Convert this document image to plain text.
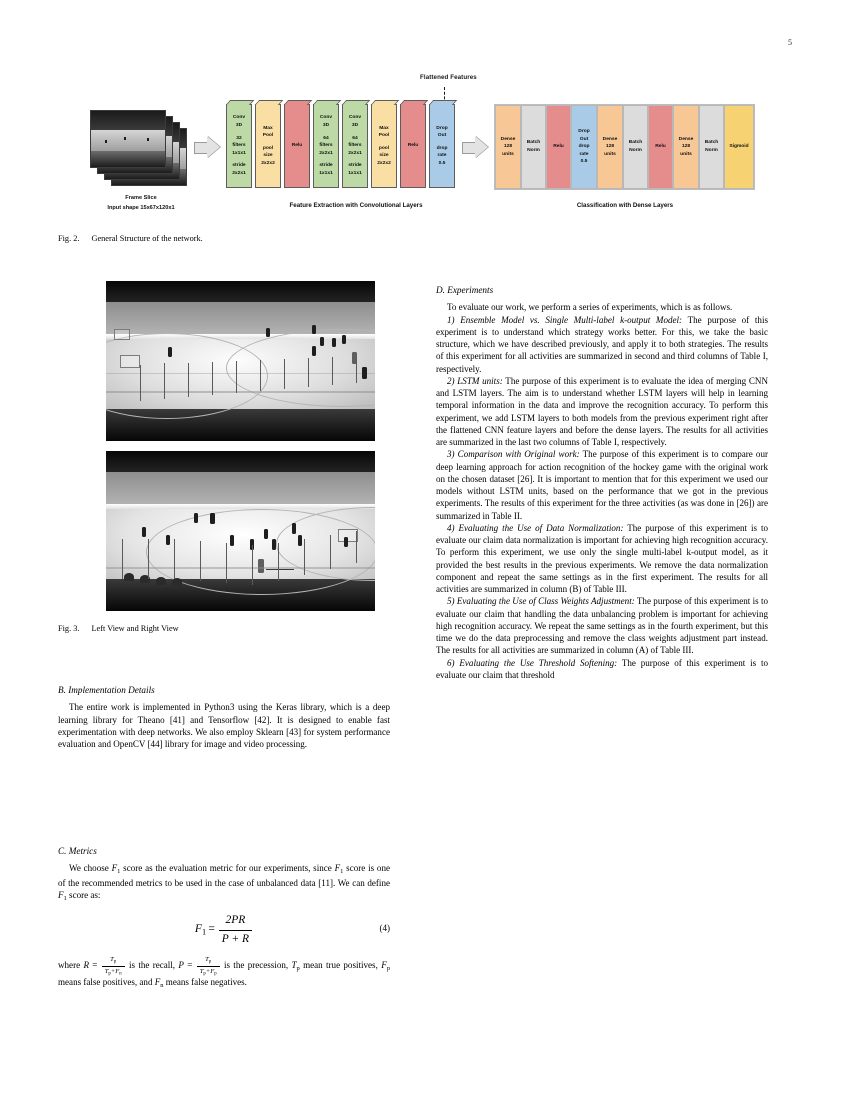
5
Flattened Features
Frame Slice
Input shape 15x67x120x1
Conv
3D
32
filters
1x1x1
stride
2x2x1
Max
Pool
pool
size
2x2x2
Relu
Conv
3D
64
filters
2x2x1
stride
1x1x1
Conv
3D
64
filters
2x2x1
stride
1x1x1
Max
Pool
pool
size
2x2x2
Relu
Drop
Out
drop
rate
0.5
Feature Extraction with Convolutional Layers
Dense
128
units
Batch
Norm
Relu
Drop
Out
drop
rate
0.5
Dense
128
units
Batch
Norm
Relu
Dense
128
units
Batch
Norm
Sigmoid
Classification with Dense Layers
Fig. 2. General Structure of the network.
Fig. 3. Left View and Right View
B. Implementation Details

The entire work is implemented in Python3 using the Keras library, which is a deep learning library for Theano [41] and Tensorflow [42]. It is designed to enable fast experimentation with deep networks. We also employ Sklearn [43] for system performance evaluation and OpenCV [44] library for image and video processing.

C. Metrics

We choose $F_1$ score as the evaluation metric for our experiments, since $F_1$ score is one of the recommended metrics to be used in the case of unbalanced data [11]. We can define $F_1$ score as:

$F_1 = \frac{2PR}{P + R}$	(4)

where $R = \frac{T_p}{T_p+F_n}$ is the recall, $P = \frac{T_p}{T_p+F_p}$ is the precession, $T_p$ mean true positives, $F_p$ means false positives, and $F_n$ means false negatives.

D. Experiments

To evaluate our work, we perform a series of experiments, which is as follows.

1) Ensemble Model vs. Single Multi-label k-output Model: The purpose of this experiment is to understand which strategy works better. For this, we take the basic structure, which we have described previously, and apply it to both strategies. The results of this experiment for all activities are summarized in second and third columns of Table I, respectively.

2) LSTM units: The purpose of this experiment is to evaluate the idea of merging CNN and LSTM layers. The aim is to understand whether LSTM layers will help in learning temporal information in the data and improve the recognition accuracy. To perform this experiment, we add LSTM layers to both models from the previous experiment right after the flattened CNN feature layers and before the dense layers. The results for all activities are summarized in the last two columns of Table I, respectively.

3) Comparison with Original work: The purpose of this experiment is to compare our deep learning approach for action recognition of the hockey game with the original work on the chosen dataset [26]. It is important to mention that for this experiment we used our models without LSTM units, based on the performance that we got in the previous experiments. The results of this experiment for the three activities (as was done in [26]) are summarized in Table II.

4) Evaluating the Use of Data Normalization: The purpose of this experiment is to evaluate our claim data normalization is important for achieving high recognition accuracy. To perform this experiment, we use only the single multi-label k-output model, as it provided the best results in the previous experiments. We remove the data normalization component and repeat the same settings as in the first experiment. The results for all activities are summarized in column (B) of Table III.

5) Evaluating the Use of Class Weights Adjustment: The purpose of this experiment is to evaluate our claim that handling the data unbalancing problem is important for achieving high recognition accuracy. We repeat the same settings as in the fourth experiment, but this time we do the data preprocessing and remove the class weights adjustment part instead. The results for all activities are summarized in column (A) of Table III.

6) Evaluating the Use Threshold Softening: The purpose of this experiment is to evaluate our claim that threshold
